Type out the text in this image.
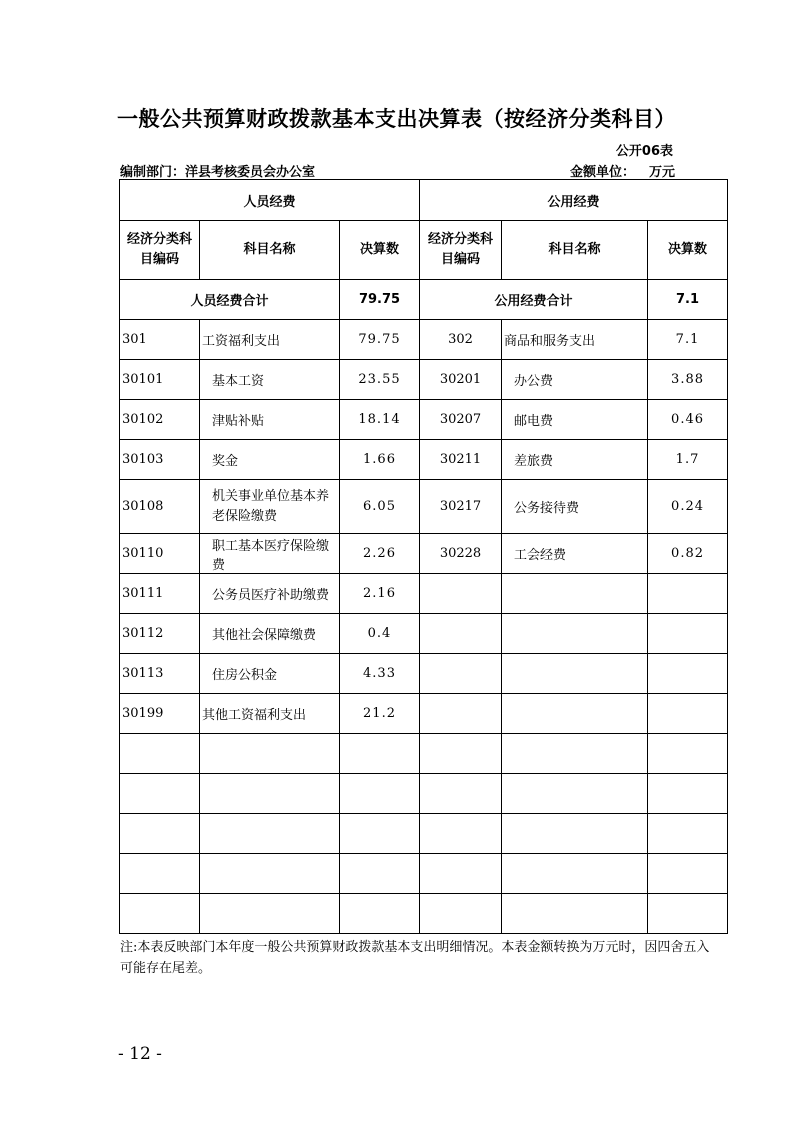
一般公共预算财政拨款基本支出决算表（按经济分类科目）
公开06表
编制部门：洋县考核委员会办公室	金额单位： 万元
人员经费			公用经费		
经济分类科目编码	科目名称	决算数	经济分类科目编码	科目名称	决算数
人员经费合计		79.75	公用经费合计		7.1
301	工资福利支出	79.75	302	商品和服务支出	7.1
30101	基本工资	23.55	30201	办公费	3.88
30102	津贴补贴	18.14	30207	邮电费	0.46
30103	奖金	1.66	30211	差旅费	1.7
30108	机关事业单位基本养老保险缴费	6.05	30217	公务接待费	0.24
30110	职工基本医疗保险缴费	2.26	30228	工会经费	0.82
30111	公务员医疗补助缴费	2.16			
30112	其他社会保障缴费	0.4			
30113	住房公积金	4.33			
30199	其他工资福利支出	21.2			

注:本表反映部门本年度一般公共预算财政拨款基本支出明细情况。本表金额转换为万元时，因四舍五入可能存在尾差。
- 12 -
